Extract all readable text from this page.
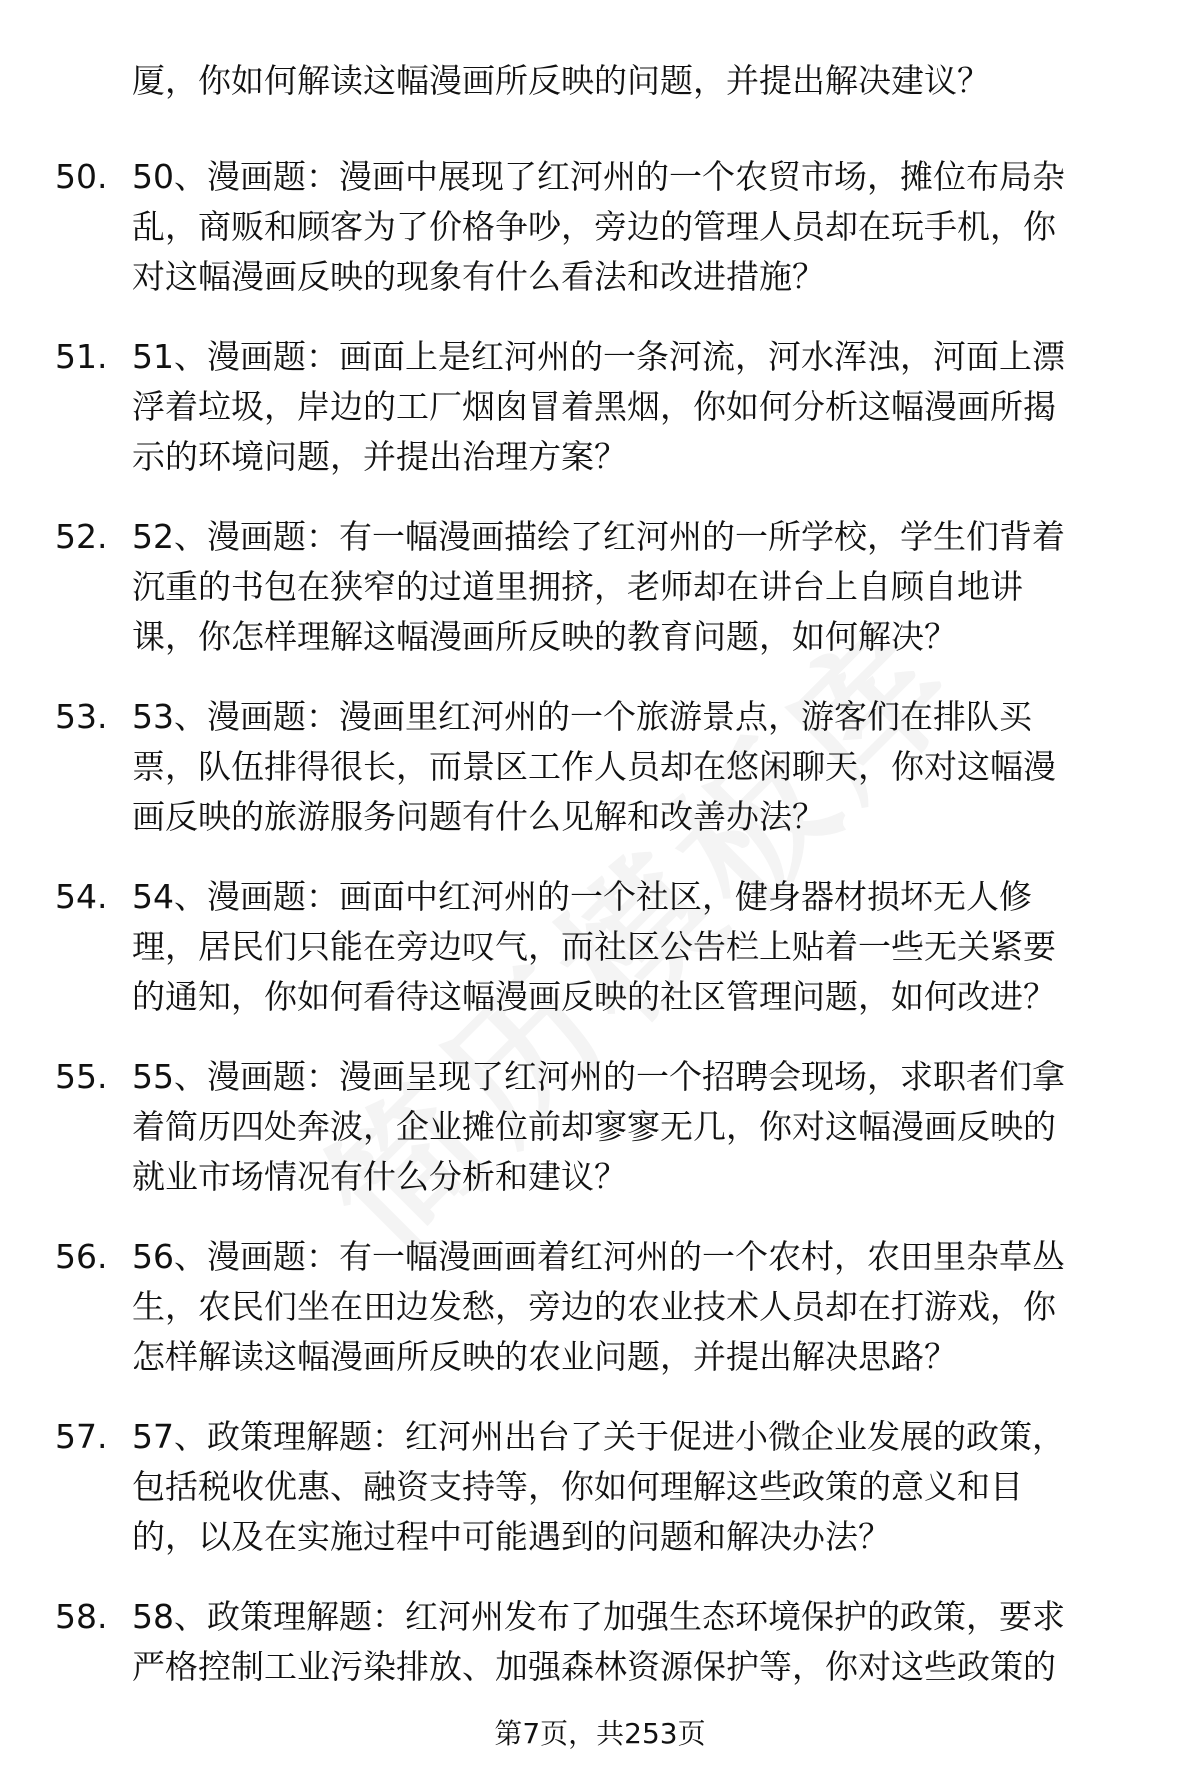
厦，你如何解读这幅漫画所反映的问题，并提出解决建议？
50. 50、漫画题：漫画中展现了红河州的一个农贸市场，摊位布局杂
乱，商贩和顾客为了价格争吵，旁边的管理人员却在玩手机，你
对这幅漫画反映的现象有什么看法和改进措施？
51. 51、漫画题：画面上是红河州的一条河流，河水浑浊，河面上漂
浮着垃圾，岸边的工厂烟囱冒着黑烟，你如何分析这幅漫画所揭
示的环境问题，并提出治理方案？
52. 52、漫画题：有一幅漫画描绘了红河州的一所学校，学生们背着
沉重的书包在狭窄的过道里拥挤，老师却在讲台上自顾自地讲
课，你怎样理解这幅漫画所反映的教育问题，如何解决？
53. 53、漫画题：漫画里红河州的一个旅游景点，游客们在排队买
票，队伍排得很长，而景区工作人员却在悠闲聊天，你对这幅漫
画反映的旅游服务问题有什么见解和改善办法？
54. 54、漫画题：画面中红河州的一个社区，健身器材损坏无人修
理，居民们只能在旁边叹气，而社区公告栏上贴着一些无关紧要
的通知，你如何看待这幅漫画反映的社区管理问题，如何改进？
55. 55、漫画题：漫画呈现了红河州的一个招聘会现场，求职者们拿
着简历四处奔波，企业摊位前却寥寥无几，你对这幅漫画反映的
就业市场情况有什么分析和建议？
56. 56、漫画题：有一幅漫画画着红河州的一个农村，农田里杂草丛
生，农民们坐在田边发愁，旁边的农业技术人员却在打游戏，你
怎样解读这幅漫画所反映的农业问题，并提出解决思路？
57. 57、政策理解题：红河州出台了关于促进小微企业发展的政策，
包括税收优惠、融资支持等，你如何理解这些政策的意义和目
的，以及在实施过程中可能遇到的问题和解决办法？
58. 58、政策理解题：红河州发布了加强生态环境保护的政策，要求
严格控制工业污染排放、加强森林资源保护等，你对这些政策的
第7页，共253页
